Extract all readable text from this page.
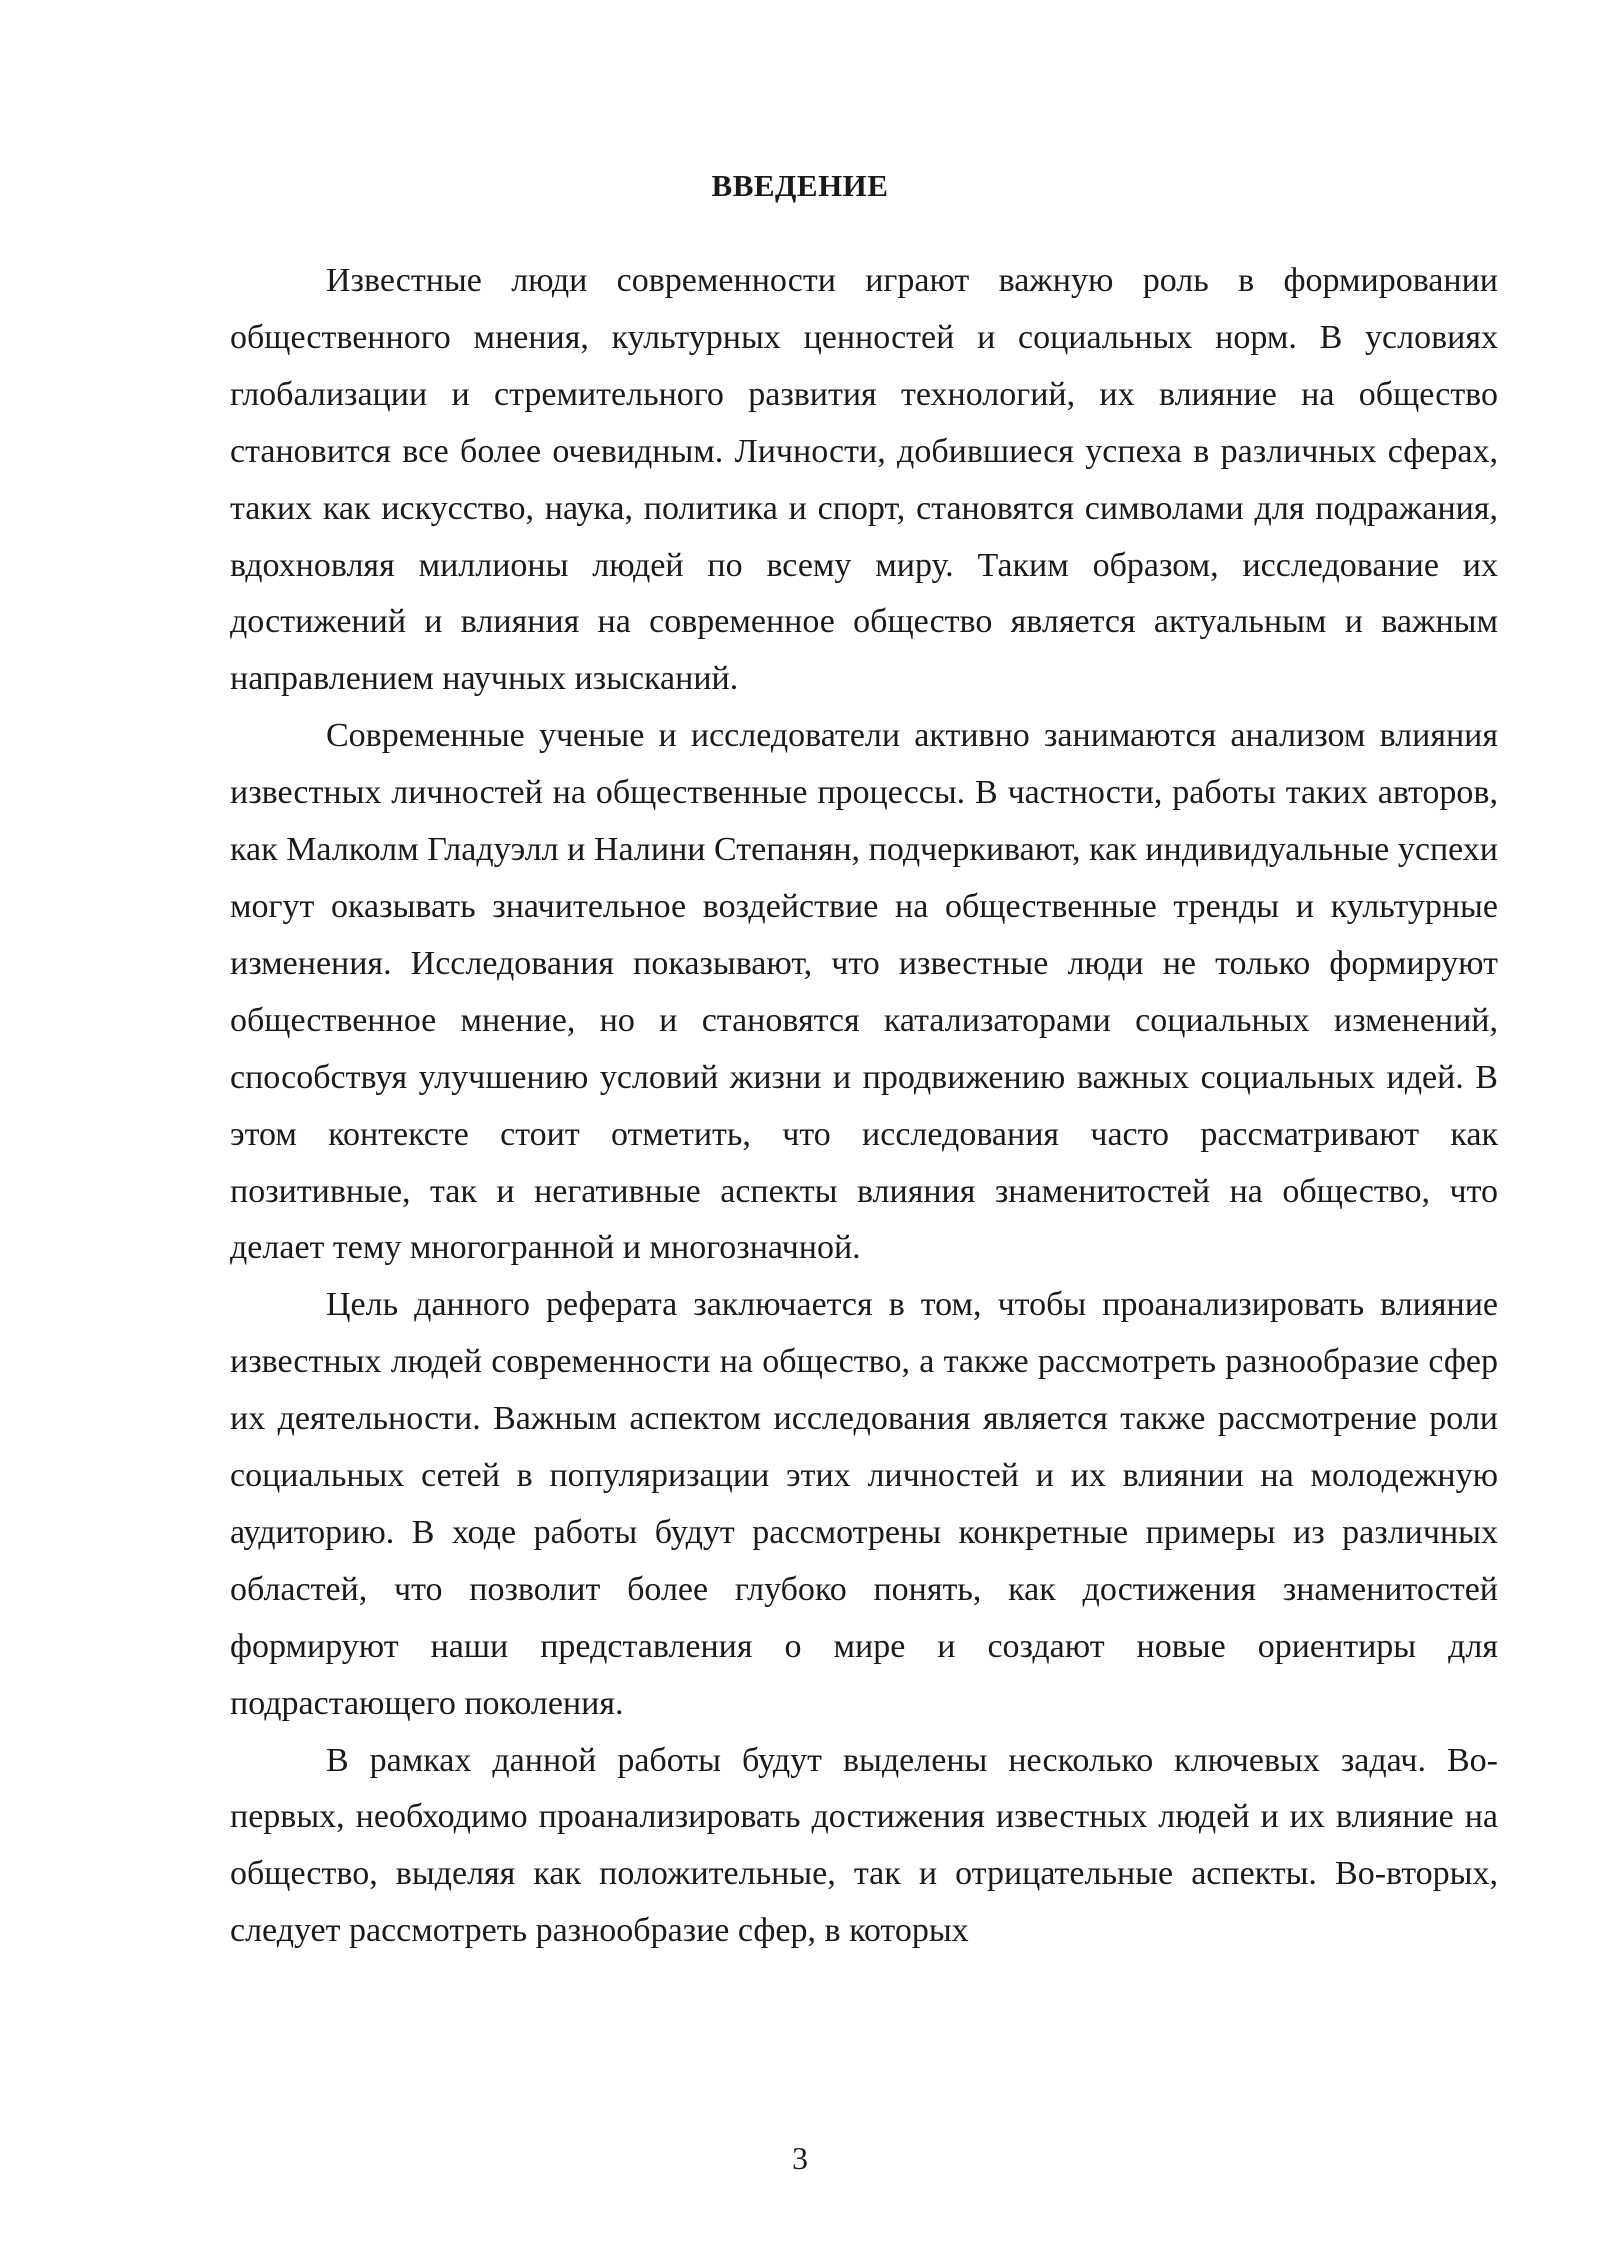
ВВЕДЕНИЕ

Известные люди современности играют важную роль в формировании общественного мнения, культурных ценностей и социальных норм. В условиях глобализации и стремительного развития технологий, их влияние на общество становится все более очевидным. Личности, добившиеся успеха в различных сферах, таких как искусство, наука, политика и спорт, становятся символами для подражания, вдохновляя миллионы людей по всему миру. Таким образом, исследование их достижений и влияния на современное общество является актуальным и важным направлением научных изысканий.

Современные ученые и исследователи активно занимаются анализом влияния известных личностей на общественные процессы. В частности, работы таких авторов, как Малколм Гладуэлл и Налини Степанян, подчеркивают, как индивидуальные успехи могут оказывать значительное воздействие на общественные тренды и культурные изменения. Исследования показывают, что известные люди не только формируют общественное мнение, но и становятся катализаторами социальных изменений, способствуя улучшению условий жизни и продвижению важных социальных идей. В этом контексте стоит отметить, что исследования часто рассматривают как позитивные, так и негативные аспекты влияния знаменитостей на общество, что делает тему многогранной и многозначной.

Цель данного реферата заключается в том, чтобы проанализировать влияние известных людей современности на общество, а также рассмотреть разнообразие сфер их деятельности. Важным аспектом исследования является также рассмотрение роли социальных сетей в популяризации этих личностей и их влиянии на молодежную аудиторию. В ходе работы будут рассмотрены конкретные примеры из различных областей, что позволит более глубоко понять, как достижения знаменитостей формируют наши представления о мире и создают новые ориентиры для подрастающего поколения.

В рамках данной работы будут выделены несколько ключевых задач. Во-первых, необходимо проанализировать достижения известных людей и их влияние на общество, выделяя как положительные, так и отрицательные аспекты. Во-вторых, следует рассмотреть разнообразие сфер, в которых

3
